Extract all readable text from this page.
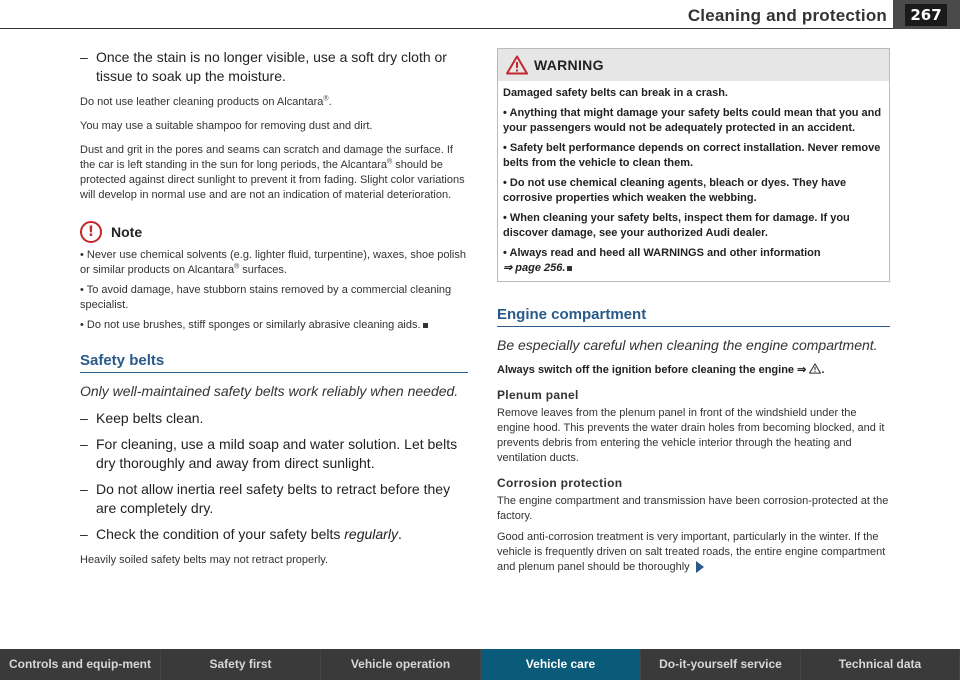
Cleaning and protection	267
– Once the stain is no longer visible, use a soft dry cloth or tissue to soak up the moisture.
Do not use leather cleaning products on Alcantara®.
You may use a suitable shampoo for removing dust and dirt.
Dust and grit in the pores and seams can scratch and damage the surface. If the car is left standing in the sun for long periods, the Alcantara® should be protected against direct sunlight to prevent it from fading. Slight color variations will develop in normal use and are not an indication of material deterioration.
!	Note
• Never use chemical solvents (e.g. lighter fluid, turpentine), waxes, shoe polish or similar products on Alcantara® surfaces.
• To avoid damage, have stubborn stains removed by a commercial cleaning specialist.
• Do not use brushes, stiff sponges or similarly abrasive cleaning aids.
Safety belts
Only well-maintained safety belts work reliably when needed.
– Keep belts clean.
– For cleaning, use a mild soap and water solution. Let belts dry thoroughly and away from direct sunlight.
– Do not allow inertia reel safety belts to retract before they are completely dry.
– Check the condition of your safety belts regularly.
Heavily soiled safety belts may not retract properly.
WARNING
Damaged safety belts can break in a crash.
• Anything that might damage your safety belts could mean that you and your passengers would not be adequately protected in an accident.
• Safety belt performance depends on correct installation. Never remove belts from the vehicle to clean them.
• Do not use chemical cleaning agents, bleach or dyes. They have corrosive properties which weaken the webbing.
• When cleaning your safety belts, inspect them for damage. If you discover damage, see your authorized Audi dealer.
• Always read and heed all WARNINGS and other information
⇒ page 256.
Engine compartment
Be especially careful when cleaning the engine compartment.
Always switch off the ignition before cleaning the engine ⇒ .
Plenum panel
Remove leaves from the plenum panel in front of the windshield under the engine hood. This prevents the water drain holes from becoming blocked, and it prevents debris from entering the vehicle interior through the heating and ventilation ducts.
Corrosion protection
The engine compartment and transmission have been corrosion-protected at the factory.
Good anti-corrosion treatment is very important, particularly in the winter. If the vehicle is frequently driven on salt treated roads, the entire engine compartment and plenum panel should be thoroughly
Controls and equip-ment	Safety first	Vehicle operation	Vehicle care	Do-it-yourself service	Technical data
